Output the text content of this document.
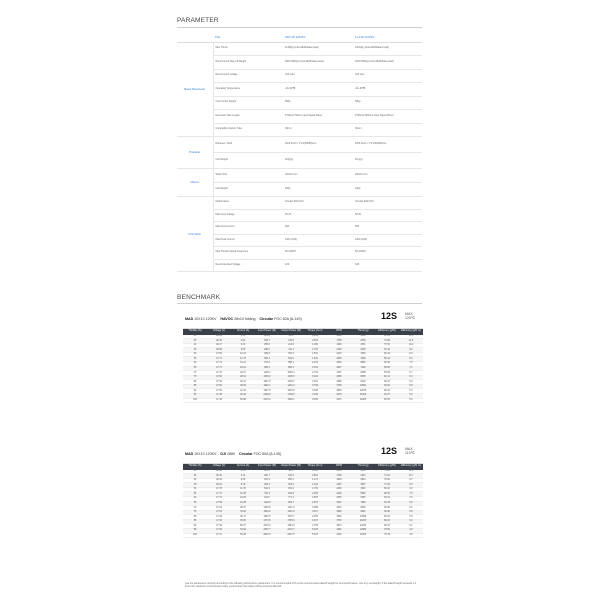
PARAMETER
	Title	SDX-18 1210KV	F-H-18 1270KV
Basic Parameter	Max Thrust	11469g (1miss18x8blades lead)	12034g (1miss18x8blades lead)
	Recommend Take-off Weight	4000-5500g (1miss18x8blades lead)	4000-5500g (1miss18x8blades lead)
	Recommend voltage	12S Lipo	12S Lipo
	Operating Temperature	-20~60℃	-20~60℃
	Unit Combo Weight	508g	500g
	Extension Wire Length	P:50cm2 50mm Input Signal Wired	P:50cm2 500mm Input Signal Wired
	Compatible Carbon Tube	30mm	30mm
Propeller	Diameter / pitch	18x5.3inch / 1*1.0(50MM)mm	18x5.3inch / 1*1.0(50MM)mm
	Unit Weight	110g(p)	52 g(p)
Motors	Stator Size	100x10 mm	100x10 mm
	Unit Weight	428g	428g
FOC ESC	Model Name	Circular 60A FOC	Circular 60A FOC
	Max Input Voltage	50.4V	50.4V
	Max Input Current	60A	60A
	Max Peak Current	120A (10S)	120A (10S)
	Max Throttle Signal Frequency	50~490Hz	50~490Hz
	Recommended Voltage	12S	12S
BENCHMARK
MAD 10X10 120KV HAVOC 28x10 folding Circular FOC 60A (6-14S)	12S MAX
120℃
Throttle (%)	Voltage (V)	Current (A)	Input Power (W)	Output Power (W)	Torque (N·m)	RPM	Thrust (g)	Efficiency (g/W)	Efficiency (g/N·m)
30	48.44	1.33	122.6	80.6	0.244	1403	1412	20.00	12.5
35	48.32	3.90	188.7	136.5	0.815	1708	2030	70.88	11.0
40	48.27	5.29	255.8	213.8	1.096	1903	2351	75.53	10.2
45	48.09	6.05	288.0	311.1	1.370	2160	2518	81.10	9.2
50	47.83	10.24	489.8	391.5	1.591	2415	3390	80.43	8.3
55	47.71	12.73	608.1	532.6	1.910	2628	3398	86.44	8.2
60	47.74	16.21	781.8	658.1	2.215	2832	5890	84.30	7.5
65	47.71	20.01	956.4	852.3	2.513	3027	7202	85.55	7.1
70	47.70	24.67	1196.2	1069.4	2.793	3157	8498	83.09	6.7
75	47.82	28.04	1336.0	1138.3	3.164	3285	8035	82.41	6.3
80	47.54	32.21	1542.3	1338.7	3.491	3382	9130	84.22	6.0
85	47.52	38.63	1822.1	1491.3	3.799	3705	10991	83.20	5.8
90	47.50	41.42	1967.6	1615.8	3.948	3818	10615	82.20	5.4
95	47.45	46.18	2190.9	1708.6	4.195	4076	11380	81.97	5.2
100	47.43	50.98	2413.2	1902.1	4.450	4271	11965	80.55	5.0
MAD 10X10 120KV DJI 2880 Circular FOC 60A (6-14S)	12S MAX
110℃
Throttle (%)	Voltage (V)	Current (A)	Input Power (W)	Output Power (W)	Torque (N·m)	RPM	Thrust (g)	Efficiency (g/W)	Efficiency (g/N·m)
30	48.46	2.58	125.0	93.8	0.418	1239	1523	75.04	12.2
35	48.40	4.14	200.7	150.9	0.804	1768	2313	71.60	10.7
40	48.19	6.05	291.5	250.1	1.127	1953	2844	78.60	9.7
45	48.04	8.19	393.4	323.2	1.402	2187	3527	77.20	9.0
50	47.78	11.35	542.3	451.6	1.709	2448	3621	80.43	8.2
55	47.73	15.28	726.3	616.8	2.253	2626	5582	80.56	7.6
60	47.72	19.09	911.0	771.4	2.603	2835	6387	84.10	7.0
65	47.69	23.48	1119.8	962.1	2.972	3021	7968	84.19	6.6
70	47.63	28.57	1360.8	1141.9	3.388	3210	8694	82.80	6.1
75	47.54	34.00	1664.0	1391.6	3.817	3380	9901	82.90	5.8
80	47.49	38.47	1822.5	1575.7	4.255	3500	10696	82.03	5.5
85	47.46	45.80	2173.8	1795.6	4.497	3733	11283	80.23	5.2
90	47.39	50.67	2419.3	1964.3	4.759	3814	12232	80.33	5.1
95	47.28	54.92	2597.7	2272.7	5.203	4061	12984	78.60	4.9
100	47.21	59.46	2810.9	2457.5	5.647	4129	14300	78.19	4.8
Use the parameters correctly according to the following performance parameters. It is recommended to fly at the recommended takeoff weight for best performance. Use it by overweight. If the takeoff weight exceeds 1.2 times the maximum recommended value, performance and safety will be seriously affected.
